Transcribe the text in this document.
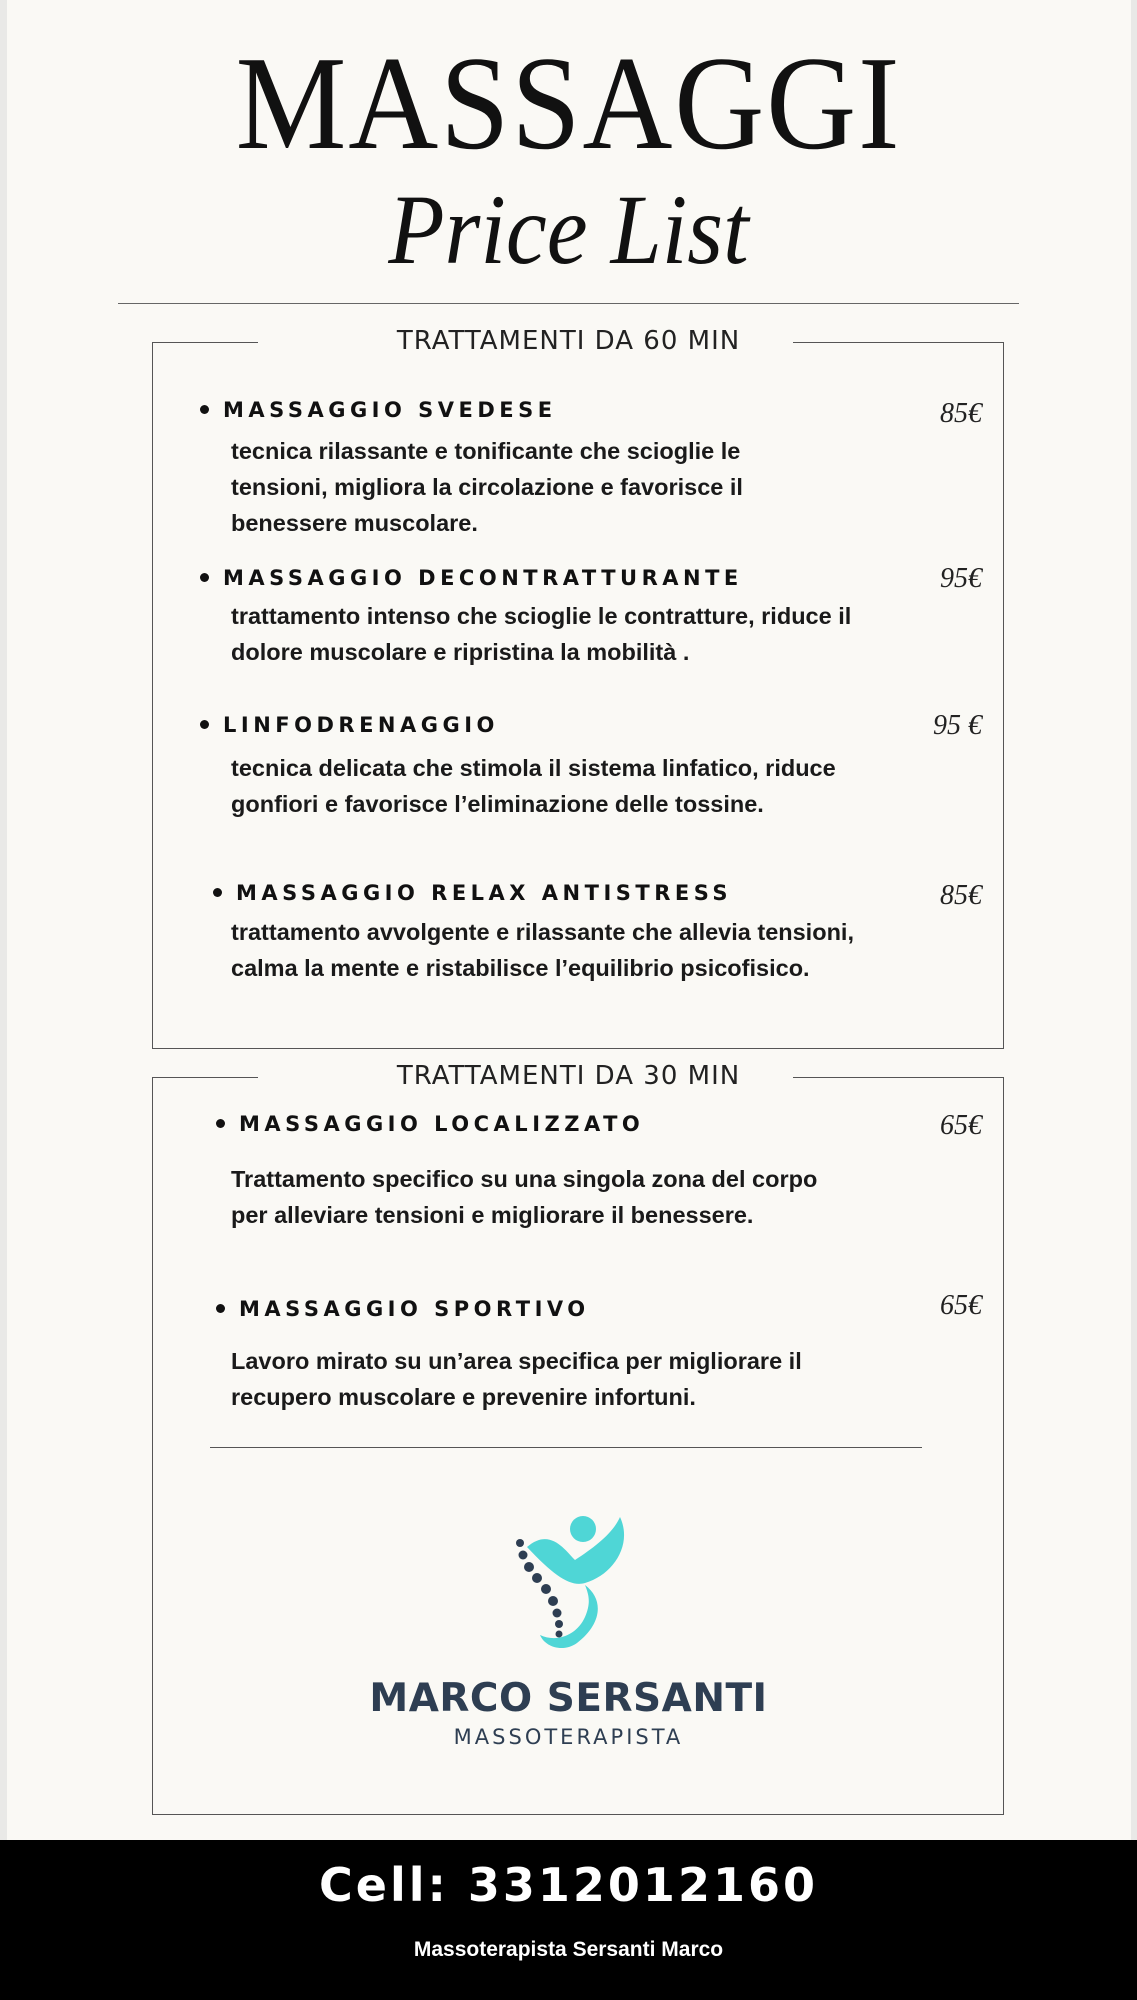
MASSAGGI
Price List
TRATTAMENTI DA 60 MIN
MASSAGGIO SVEDESE	85€
tecnica rilassante e tonificante che scioglie le tensioni, migliora la circolazione e favorisce il benessere muscolare.
MASSAGGIO DECONTRATTURANTE	95€
trattamento intenso che scioglie le contratture, riduce il dolore muscolare e ripristina la mobilità .
LINFODRENAGGIO	95 €
tecnica delicata che stimola il sistema linfatico, riduce gonfiori e favorisce l’eliminazione delle tossine.
MASSAGGIO RELAX ANTISTRESS	85€
trattamento avvolgente e rilassante che allevia tensioni, calma la mente e ristabilisce l’equilibrio psicofisico.
TRATTAMENTI DA 30 MIN
MASSAGGIO LOCALIZZATO	65€
Trattamento specifico su una singola zona del corpo per alleviare tensioni e migliorare il benessere.
MASSAGGIO SPORTIVO	65€
Lavoro mirato su un’area specifica per migliorare il recupero muscolare e prevenire infortuni.
MARCO SERSANTI
MASSOTERAPISTA
Cell: 3312012160
Massoterapista Sersanti Marco
